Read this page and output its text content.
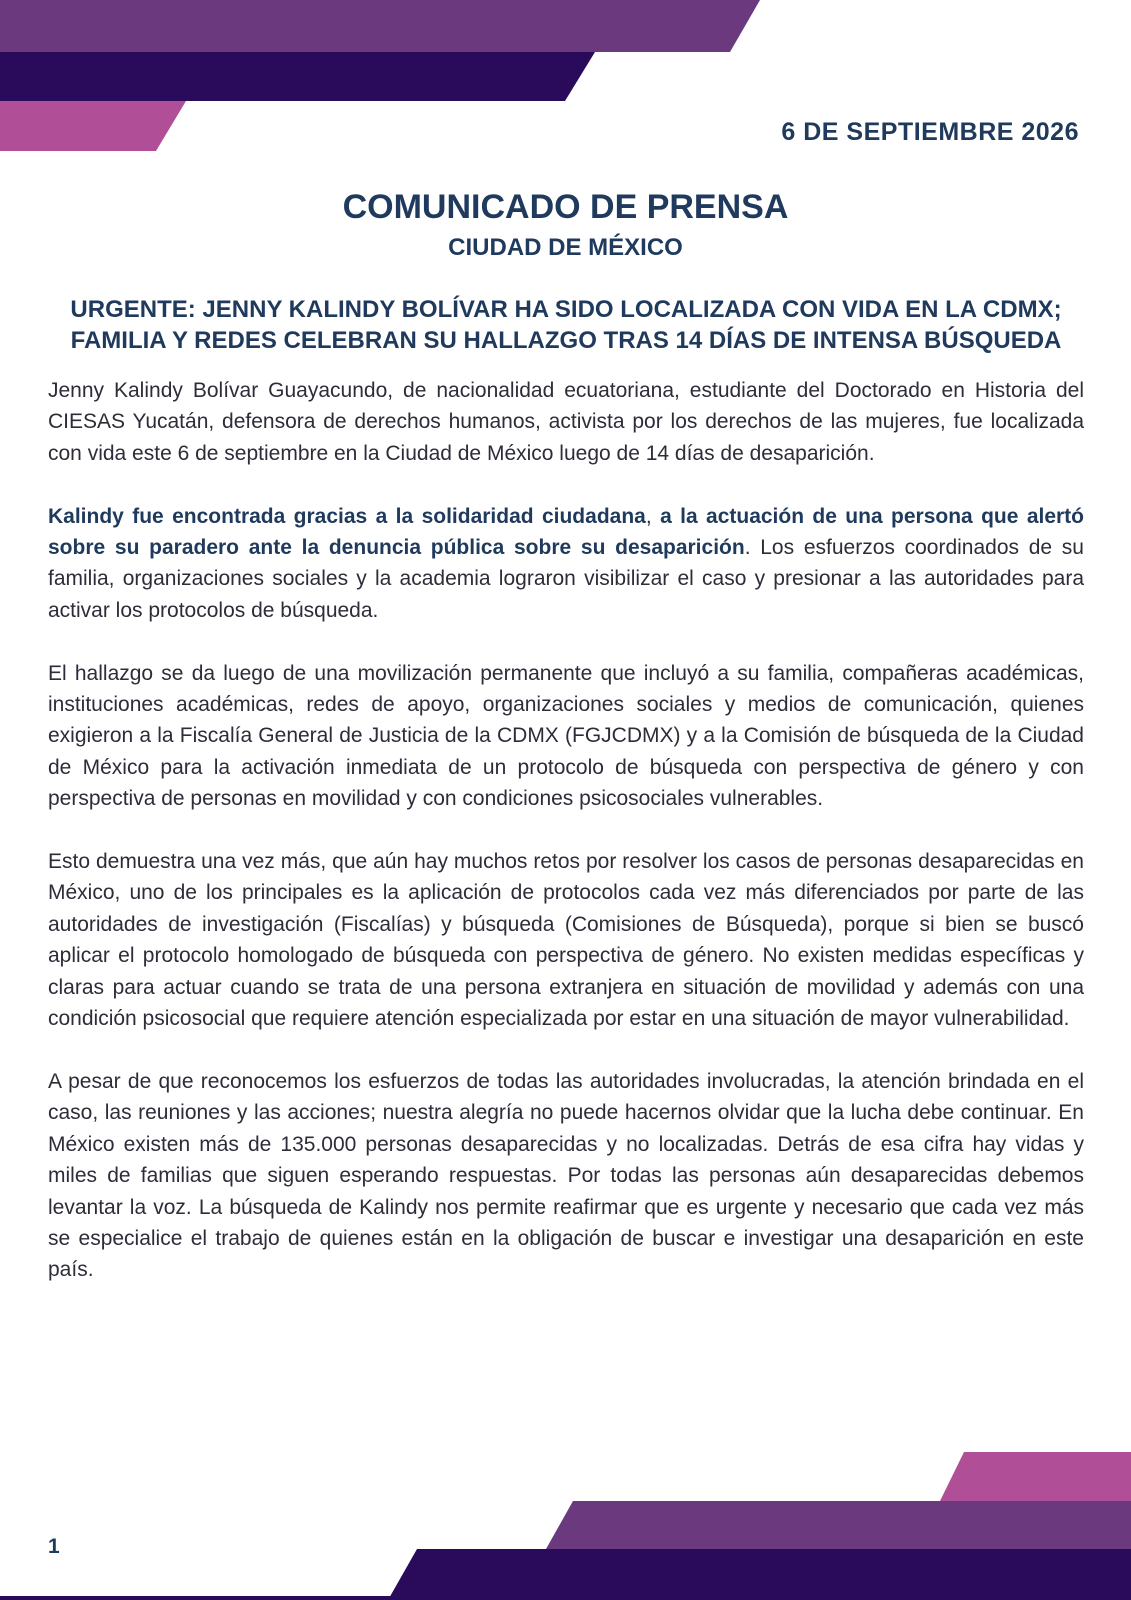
6 DE SEPTIEMBRE 2026
COMUNICADO DE PRENSA
CIUDAD DE MÉXICO
URGENTE: JENNY KALINDY BOLÍVAR HA SIDO LOCALIZADA CON VIDA EN LA CDMX;
FAMILIA Y REDES CELEBRAN SU HALLAZGO TRAS 14 DÍAS DE INTENSA BÚSQUEDA

Jenny Kalindy Bolívar Guayacundo, de nacionalidad ecuatoriana, estudiante del Doctorado en Historia del CIESAS Yucatán, defensora de derechos humanos, activista por los derechos de las mujeres, fue localizada con vida este 6 de septiembre en la Ciudad de México luego de 14 días de desaparición.

Kalindy fue encontrada gracias a la solidaridad ciudadana, a la actuación de una persona que alertó sobre su paradero ante la denuncia pública sobre su desaparición. Los esfuerzos coordinados de su familia, organizaciones sociales y la academia lograron visibilizar el caso y presionar a las autoridades para activar los protocolos de búsqueda.

El hallazgo se da luego de una movilización permanente que incluyó a su familia, compañeras académicas, instituciones académicas, redes de apoyo, organizaciones sociales y medios de comunicación, quienes exigieron a la Fiscalía General de Justicia de la CDMX (FGJCDMX) y a la Comisión de búsqueda de la Ciudad de México para la activación inmediata de un protocolo de búsqueda con perspectiva de género y con perspectiva de personas en movilidad y con condiciones psicosociales vulnerables.

Esto demuestra una vez más, que aún hay muchos retos por resolver los casos de personas desaparecidas en México, uno de los principales es la aplicación de protocolos cada vez más diferenciados por parte de las autoridades de investigación (Fiscalías) y búsqueda (Comisiones de Búsqueda), porque si bien se buscó aplicar el protocolo homologado de búsqueda con perspectiva de género. No existen medidas específicas y claras para actuar cuando se trata de una persona extranjera en situación de movilidad y además con una condición psicosocial que requiere atención especializada por estar en una situación de mayor vulnerabilidad.

A pesar de que reconocemos los esfuerzos de todas las autoridades involucradas, la atención brindada en el caso, las reuniones y las acciones; nuestra alegría no puede hacernos olvidar que la lucha debe continuar. En México existen más de 135.000 personas desaparecidas y no localizadas. Detrás de esa cifra hay vidas y miles de familias que siguen esperando respuestas. Por todas las personas aún desaparecidas debemos levantar la voz. La búsqueda de Kalindy nos permite reafirmar que es urgente y necesario que cada vez más se especialice el trabajo de quienes están en la obligación de buscar e investigar una desaparición en este país.

1
